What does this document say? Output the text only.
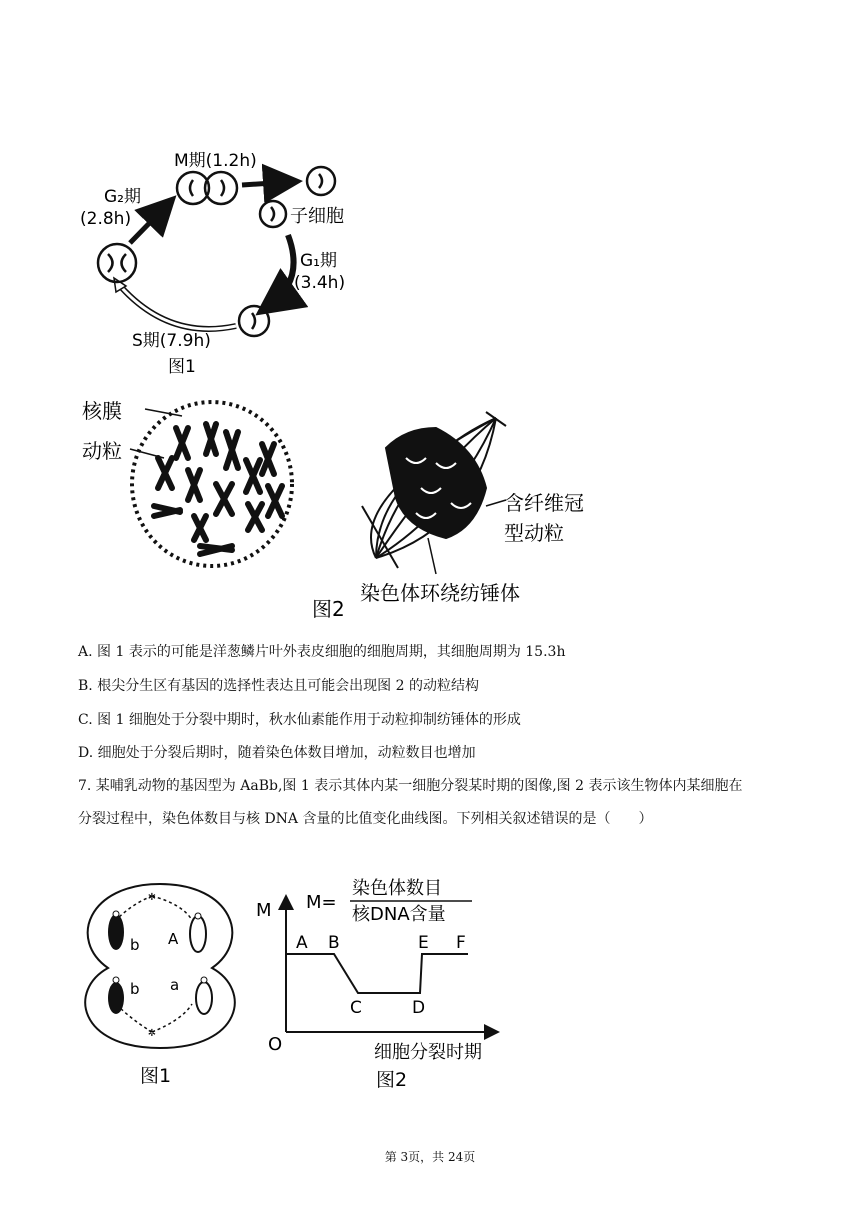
M期(1.2h)
G₂期
(2.8h)	子细胞
G₁期
(3.4h)
S期(7.9h)
图1
核膜
动粒
含纤维冠
型动粒
染色体环绕纺锤体
图2
A. 图 1 表示的可能是洋葱鳞片叶外表皮细胞的细胞周期，其细胞周期为 15.3h
B. 根尖分生区有基因的选择性表达且可能会出现图 2 的动粒结构
C. 图 1 细胞处于分裂中期时，秋水仙素能作用于动粒抑制纺锤体的形成
D. 细胞处于分裂后期时，随着染色体数目增加，动粒数目也增加
7. 某哺乳动物的基因型为 AaBb,图 1 表示其体内某一细胞分裂某时期的图像,图 2 表示该生物体内某细胞在
分裂过程中，染色体数目与核 DNA 含量的比值变化曲线图。下列相关叙述错误的是（　　）
✲
✲
b A
b a
图1
A B
C	D
E F
M M=
染色体数目
核DNA含量
O	细胞分裂时期
图2
第 3页，共 24页
